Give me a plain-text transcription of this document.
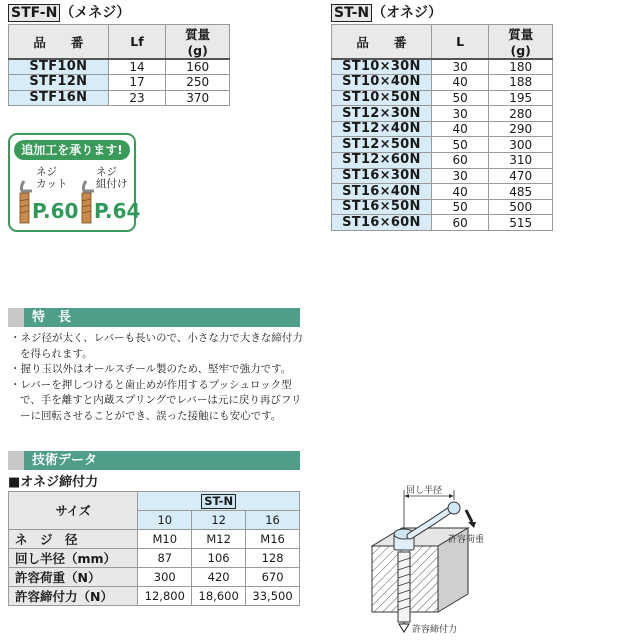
STF-N （メネジ）
品　　番	Lf	質量
(g)
STF10N	14	160
STF12N	17	250
STF16N	23	370
追加工を承ります!
ネジ
カット
P.60
ネジ
組付け
P.64
ST-N （オネジ）
品　　番	L	質量
(g)
ST10×30N	30	180
ST10×40N	40	188
ST10×50N	50	195
ST12×30N	30	280
ST12×40N	40	290
ST12×50N	50	300
ST12×60N	60	310
ST16×30N	30	470
ST16×40N	40	485
ST16×50N	50	500
ST16×60N	60	515
特　長
・ネジ径が太く、レバーも長いので、小さな力で大きな締付力を得られます。
・握り玉以外はオールスチール製のため、堅牢で強力です。
・レバーを押しつけると歯止めが作用するプッシュロック型で、手を離すと内蔵スプリングでレバーは元に戻り再びフリーに回転させることができ、誤った接触にも安心です。
技術データ
■オネジ締付力
サイズ	ST-N		
	10	12	16
ネ　ジ　径	M10	M12	M16
回し半径（mm）	87	106	128
許容荷重（N）	300	420	670
許容締付力（N）	12,800	18,600	33,500
回し半径
許容荷重
許容締付力
